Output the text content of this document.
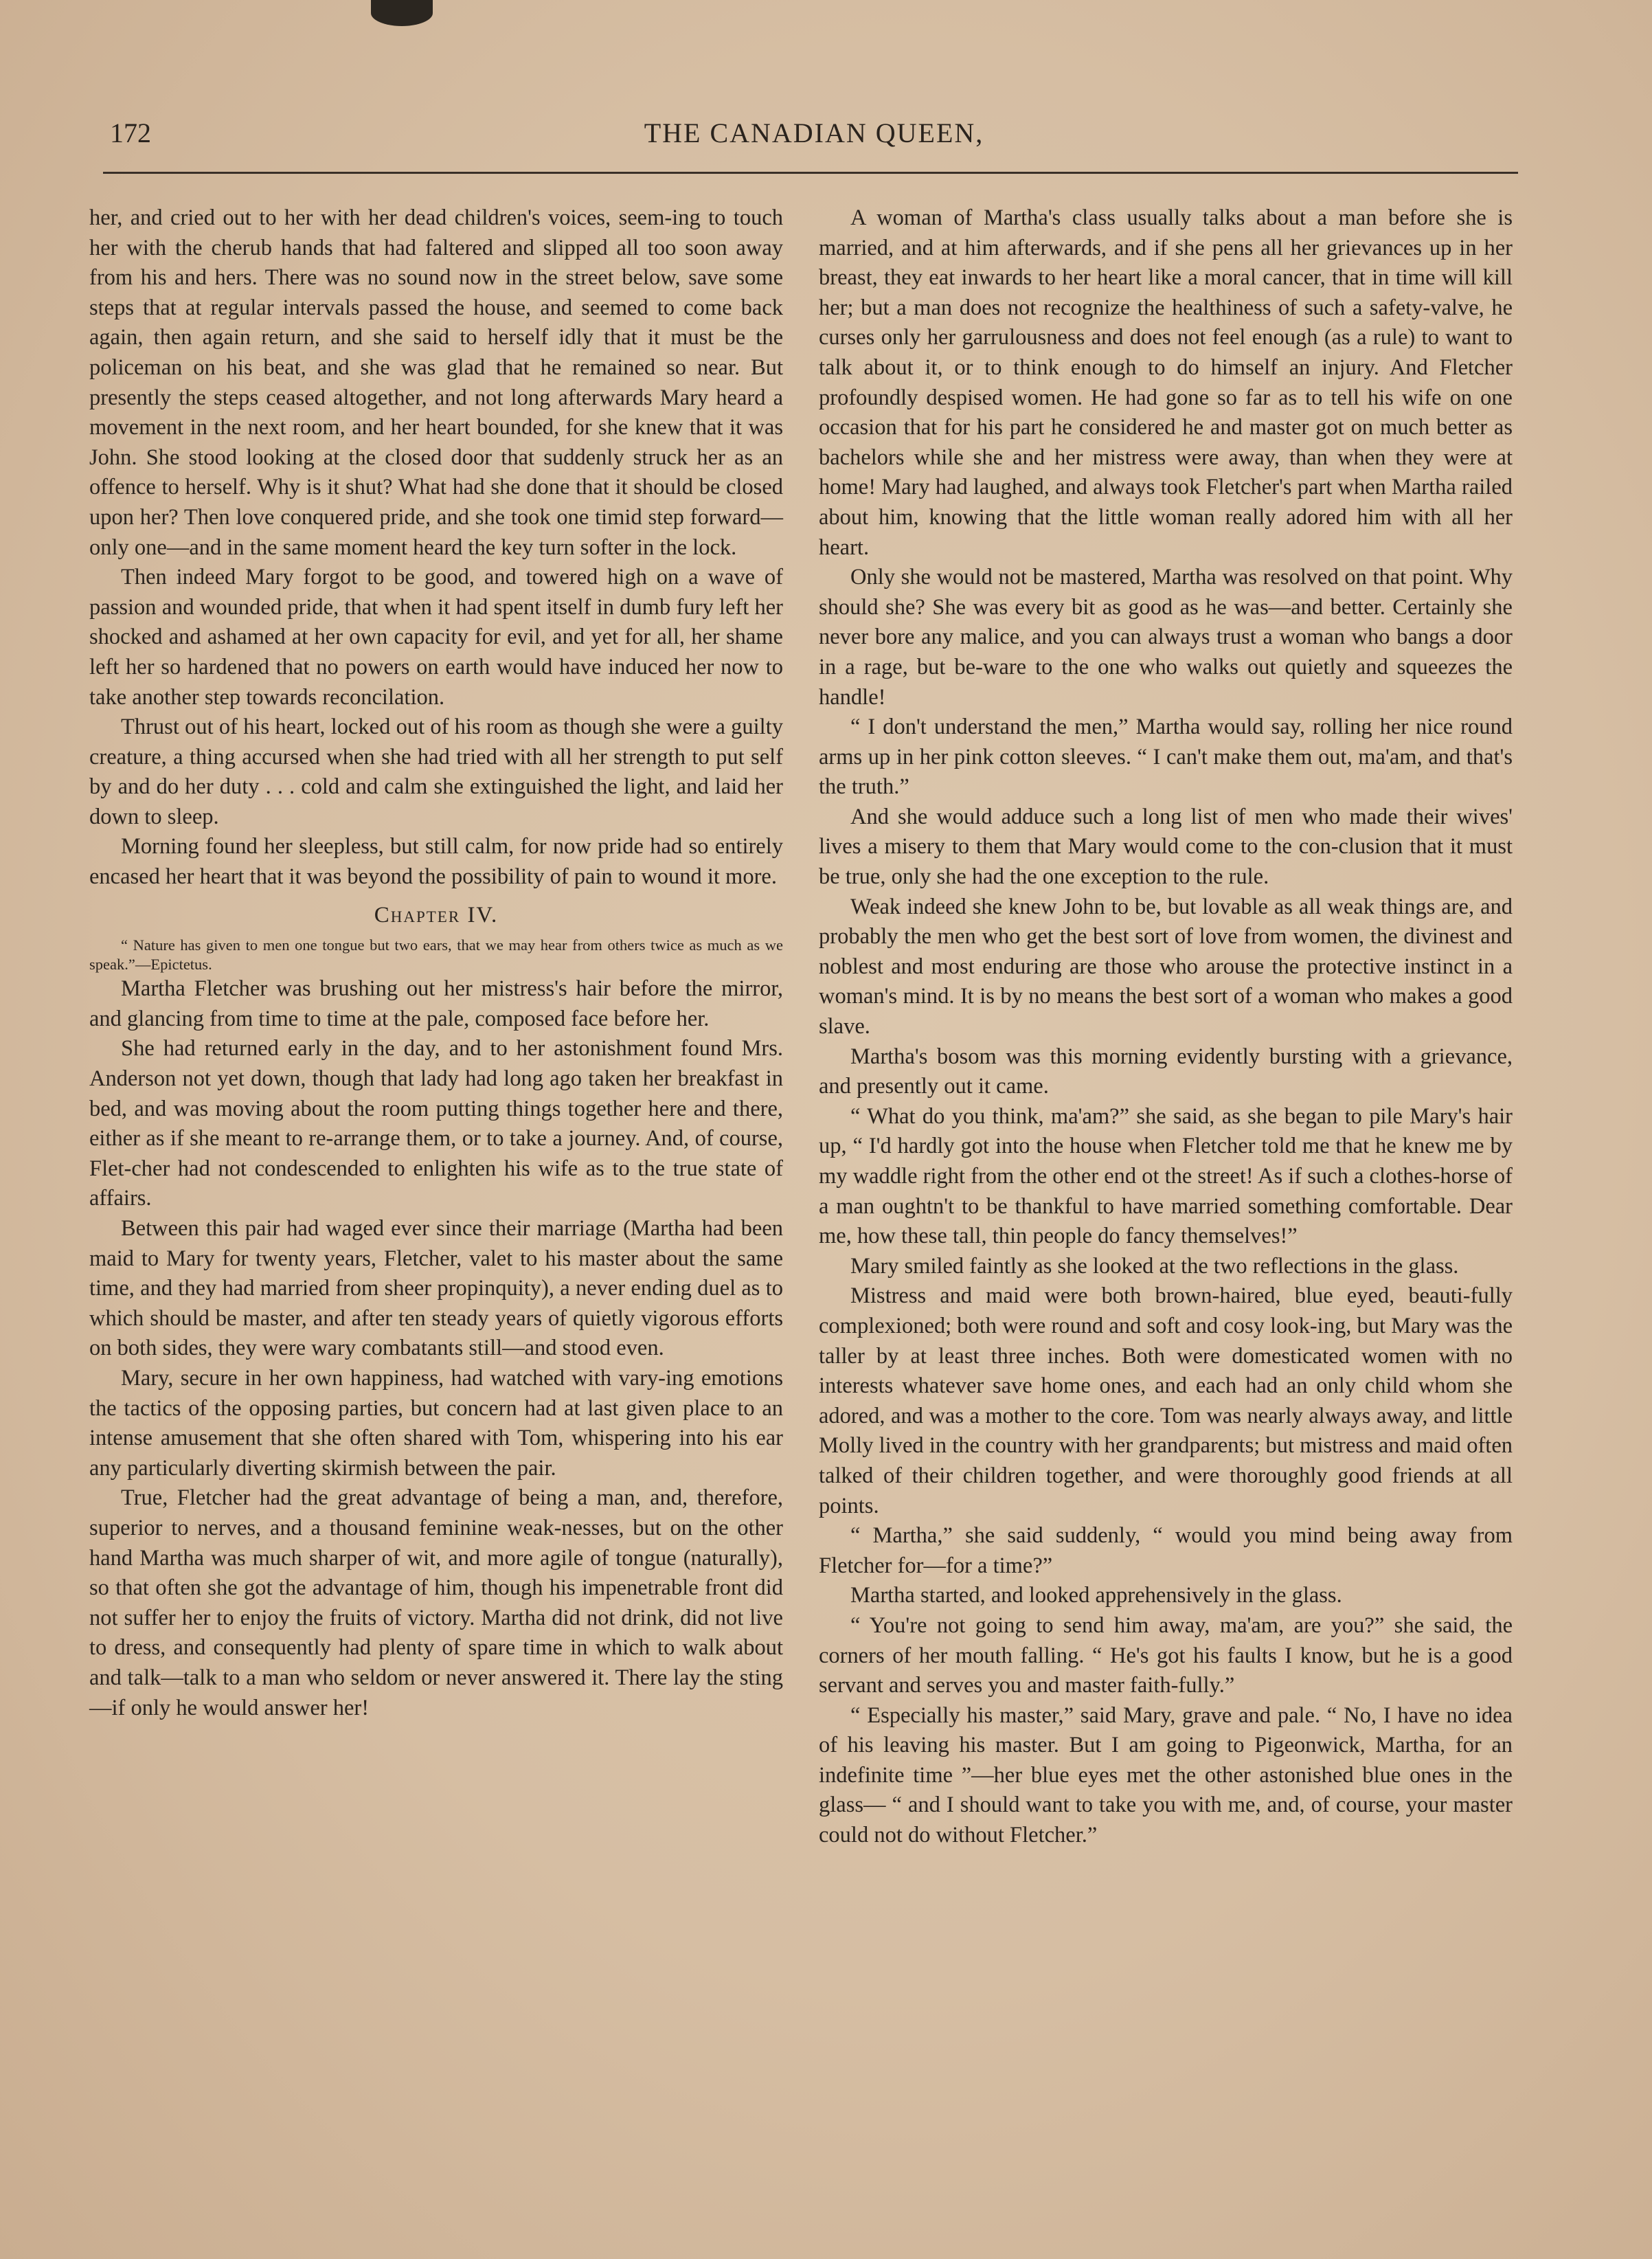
172	THE CANADIAN QUEEN,

her, and cried out to her with her dead children's voices, seem-ing to touch her with the cherub hands that had faltered and slipped all too soon away from his and hers. There was no sound now in the street below, save some steps that at regular intervals passed the house, and seemed to come back again, then again return, and she said to herself idly that it must be the policeman on his beat, and she was glad that he remained so near. But presently the steps ceased altogether, and not long afterwards Mary heard a movement in the next room, and her heart bounded, for she knew that it was John. She stood looking at the closed door that suddenly struck her as an offence to herself. Why is it shut? What had she done that it should be closed upon her? Then love conquered pride, and she took one timid step forward—only one—and in the same moment heard the key turn softer in the lock.

Then indeed Mary forgot to be good, and towered high on a wave of passion and wounded pride, that when it had spent itself in dumb fury left her shocked and ashamed at her own capacity for evil, and yet for all, her shame left her so hardened that no powers on earth would have induced her now to take another step towards reconcilation.

Thrust out of his heart, locked out of his room as though she were a guilty creature, a thing accursed when she had tried with all her strength to put self by and do her duty . . . cold and calm she extinguished the light, and laid her down to sleep.

Morning found her sleepless, but still calm, for now pride had so entirely encased her heart that it was beyond the possibility of pain to wound it more.

Chapter IV.

“ Nature has given to men one tongue but two ears, that we may hear from others twice as much as we speak.”—Epictetus.

Martha Fletcher was brushing out her mistress's hair before the mirror, and glancing from time to time at the pale, composed face before her.

She had returned early in the day, and to her astonishment found Mrs. Anderson not yet down, though that lady had long ago taken her breakfast in bed, and was moving about the room putting things together here and there, either as if she meant to re-arrange them, or to take a journey. And, of course, Flet-cher had not condescended to enlighten his wife as to the true state of affairs.

Between this pair had waged ever since their marriage (Martha had been maid to Mary for twenty years, Fletcher, valet to his master about the same time, and they had married from sheer propinquity), a never ending duel as to which should be master, and after ten steady years of quietly vigorous efforts on both sides, they were wary combatants still—and stood even.

Mary, secure in her own happiness, had watched with vary-ing emotions the tactics of the opposing parties, but concern had at last given place to an intense amusement that she often shared with Tom, whispering into his ear any particularly diverting skirmish between the pair.

True, Fletcher had the great advantage of being a man, and, therefore, superior to nerves, and a thousand feminine weak-nesses, but on the other hand Martha was much sharper of wit, and more agile of tongue (naturally), so that often she got the advantage of him, though his impenetrable front did not suffer her to enjoy the fruits of victory. Martha did not drink, did not live to dress, and consequently had plenty of spare time in which to walk about and talk—talk to a man who seldom or never answered it. There lay the sting—if only he would answer her!

A woman of Martha's class usually talks about a man before she is married, and at him afterwards, and if she pens all her grievances up in her breast, they eat inwards to her heart like a moral cancer, that in time will kill her; but a man does not recognize the healthiness of such a safety-valve, he curses only her garrulousness and does not feel enough (as a rule) to want to talk about it, or to think enough to do himself an injury. And Fletcher profoundly despised women. He had gone so far as to tell his wife on one occasion that for his part he considered he and master got on much better as bachelors while she and her mistress were away, than when they were at home! Mary had laughed, and always took Fletcher's part when Martha railed about him, knowing that the little woman really adored him with all her heart.

Only she would not be mastered, Martha was resolved on that point. Why should she? She was every bit as good as he was—and better. Certainly she never bore any malice, and you can always trust a woman who bangs a door in a rage, but be-ware to the one who walks out quietly and squeezes the handle!

“ I don't understand the men,” Martha would say, rolling her nice round arms up in her pink cotton sleeves. “ I can't make them out, ma'am, and that's the truth.”

And she would adduce such a long list of men who made their wives' lives a misery to them that Mary would come to the con-clusion that it must be true, only she had the one exception to the rule.

Weak indeed she knew John to be, but lovable as all weak things are, and probably the men who get the best sort of love from women, the divinest and noblest and most enduring are those who arouse the protective instinct in a woman's mind. It is by no means the best sort of a woman who makes a good slave.

Martha's bosom was this morning evidently bursting with a grievance, and presently out it came.

“ What do you think, ma'am?” she said, as she began to pile Mary's hair up, “ I'd hardly got into the house when Fletcher told me that he knew me by my waddle right from the other end ot the street! As if such a clothes-horse of a man oughtn't to be thankful to have married something comfortable. Dear me, how these tall, thin people do fancy themselves!”

Mary smiled faintly as she looked at the two reflections in the glass.

Mistress and maid were both brown-haired, blue eyed, beauti-fully complexioned; both were round and soft and cosy look-ing, but Mary was the taller by at least three inches. Both were domesticated women with no interests whatever save home ones, and each had an only child whom she adored, and was a mother to the core. Tom was nearly always away, and little Molly lived in the country with her grandparents; but mistress and maid often talked of their children together, and were thoroughly good friends at all points.

“ Martha,” she said suddenly, “ would you mind being away from Fletcher for—for a time?”

Martha started, and looked apprehensively in the glass.

“ You're not going to send him away, ma'am, are you?” she said, the corners of her mouth falling. “ He's got his faults I know, but he is a good servant and serves you and master faith-fully.”

“ Especially his master,” said Mary, grave and pale. “ No, I have no idea of his leaving his master. But I am going to Pigeonwick, Martha, for an indefinite time ”—her blue eyes met the other astonished blue ones in the glass— “ and I should want to take you with me, and, of course, your master could not do without Fletcher.”
